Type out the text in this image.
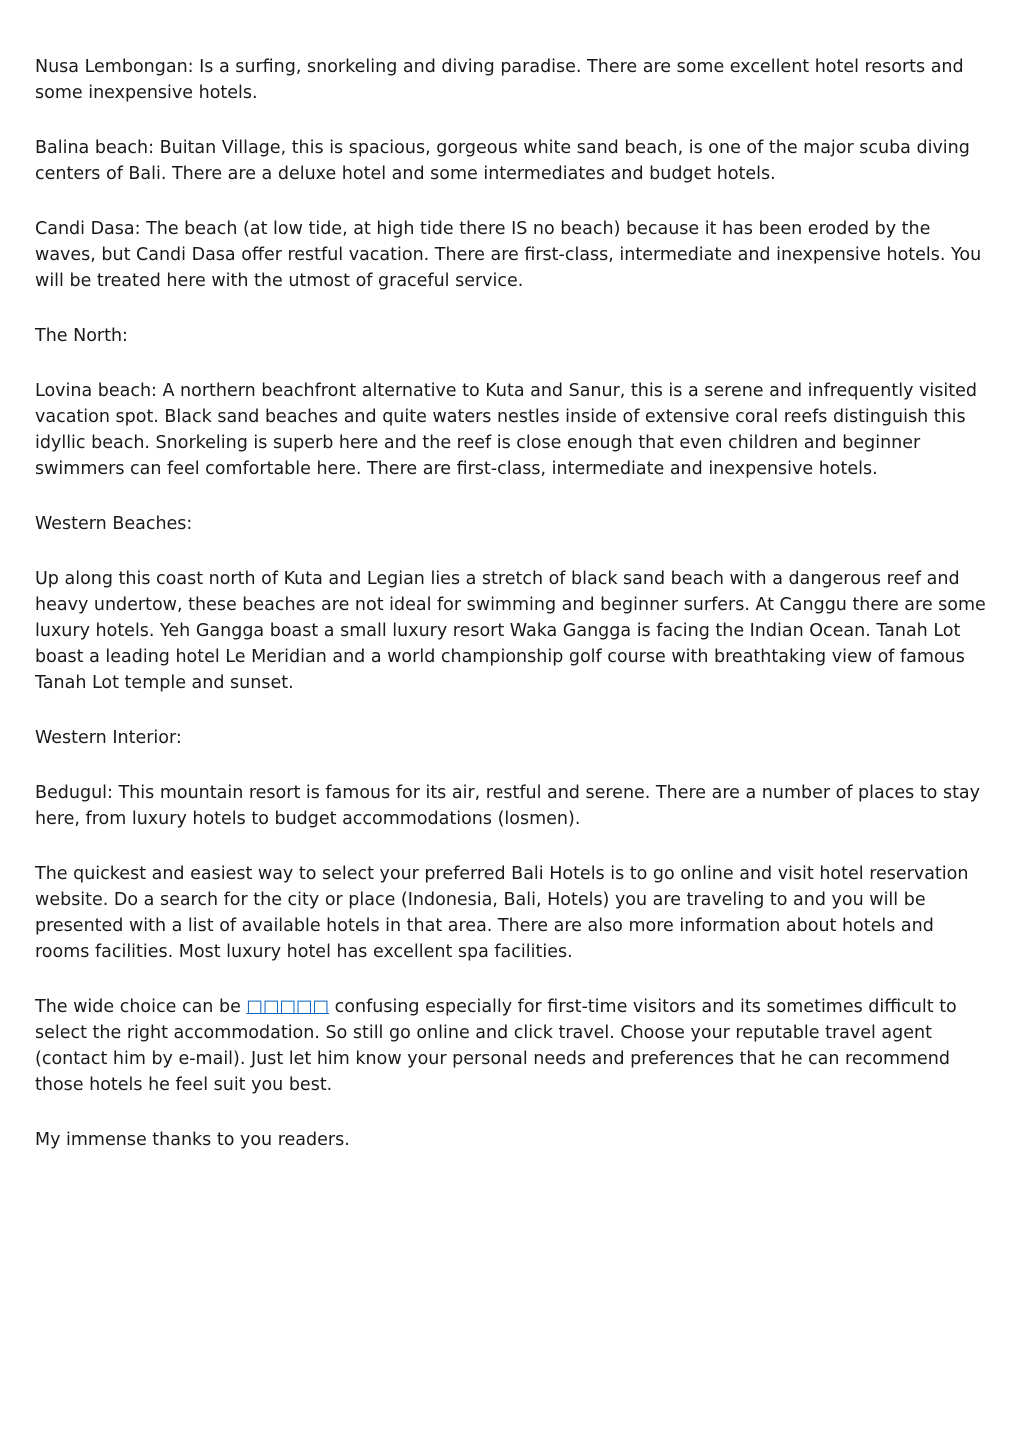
Nusa Lembongan: Is a surfing, snorkeling and diving paradise. There are some excellent hotel resorts and some inexpensive hotels.

Balina beach: Buitan Village, this is spacious, gorgeous white sand beach, is one of the major scuba diving centers of Bali. There are a deluxe hotel and some intermediates and budget hotels.

Candi Dasa: The beach (at low tide, at high tide there IS no beach) because it has been eroded by the waves, but Candi Dasa offer restful vacation. There are first-class, intermediate and inexpensive hotels. You will be treated here with the utmost of graceful service.

The North:

Lovina beach: A northern beachfront alternative to Kuta and Sanur, this is a serene and infrequently visited vacation spot. Black sand beaches and quite waters nestles inside of extensive coral reefs distinguish this idyllic beach. Snorkeling is superb here and the reef is close enough that even children and beginner swimmers can feel comfortable here. There are first-class, intermediate and inexpensive hotels.

Western Beaches:

Up along this coast north of Kuta and Legian lies a stretch of black sand beach with a dangerous reef and heavy undertow, these beaches are not ideal for swimming and beginner surfers. At Canggu there are some luxury hotels. Yeh Gangga boast a small luxury resort Waka Gangga is facing the Indian Ocean. Tanah Lot boast a leading hotel Le Meridian and a world championship golf course with breathtaking view of famous Tanah Lot temple and sunset.

Western Interior:

Bedugul: This mountain resort is famous for its air, restful and serene. There are a number of places to stay here, from luxury hotels to budget accommodations (losmen).

The quickest and easiest way to select your preferred Bali Hotels is to go online and visit hotel reservation website. Do a search for the city or place (Indonesia, Bali, Hotels) you are traveling to and you will be presented with a list of available hotels in that area. There are also more information about hotels and rooms facilities. Most luxury hotel has excellent spa facilities.

The wide choice can be □□□□□ confusing especially for first-time visitors and its sometimes difficult to select the right accommodation. So still go online and click travel. Choose your reputable travel agent (contact him by e-mail). Just let him know your personal needs and preferences that he can recommend those hotels he feel suit you best.

My immense thanks to you readers.
